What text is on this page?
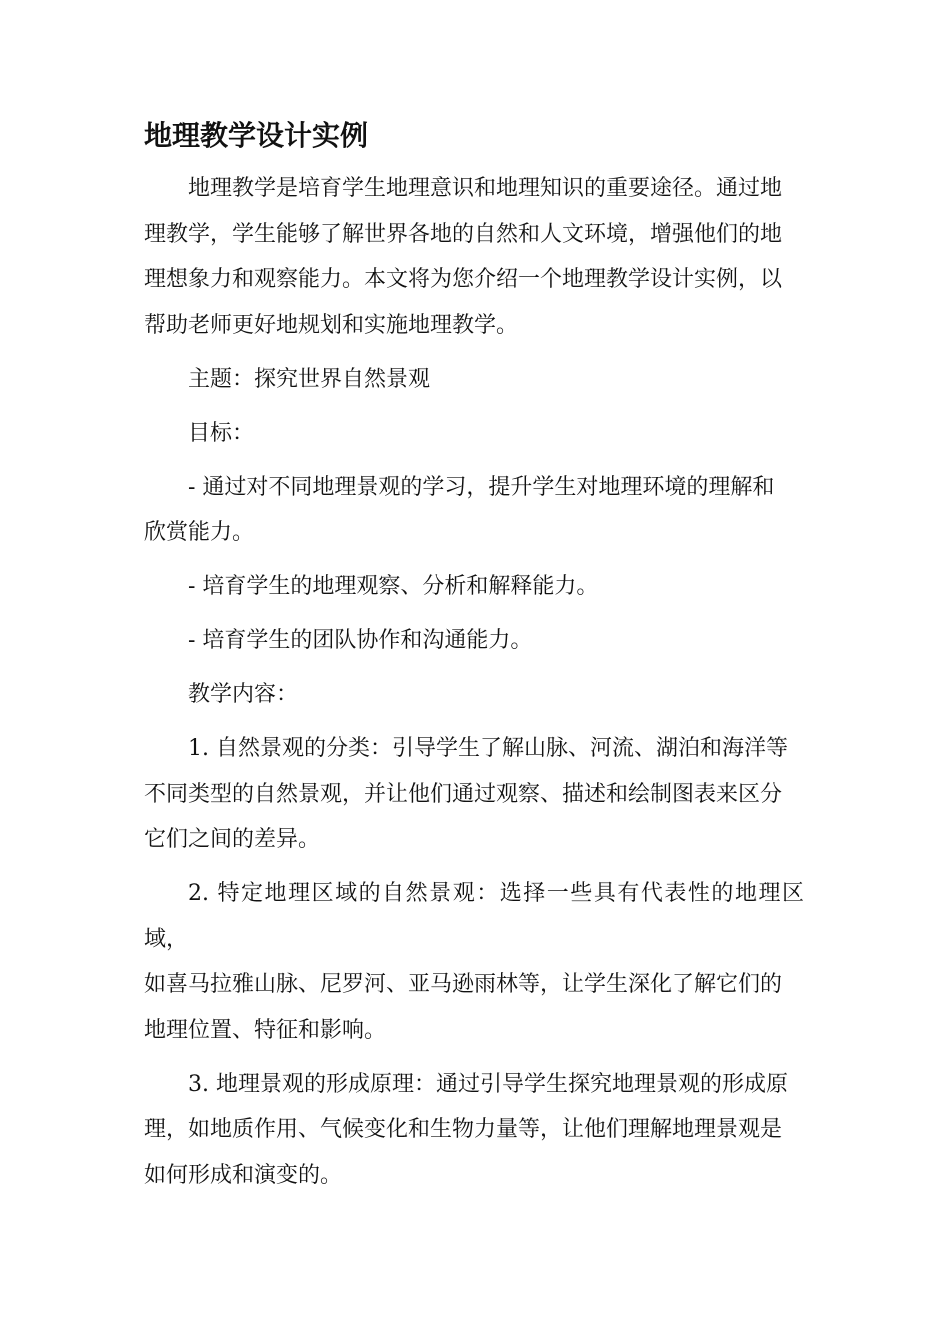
地理教学设计实例
地理教学是培育学生地理意识和地理知识的重要途径。通过地
理教学，学生能够了解世界各地的自然和人文环境，增强他们的地
理想象力和观察能力。本文将为您介绍一个地理教学设计实例，以
帮助老师更好地规划和实施地理教学。
主题：探究世界自然景观
目标：
- 通过对不同地理景观的学习，提升学生对地理环境的理解和
欣赏能力。
- 培育学生的地理观察、分析和解释能力。
- 培育学生的团队协作和沟通能力。
教学内容：
1. 自然景观的分类：引导学生了解山脉、河流、湖泊和海洋等
不同类型的自然景观，并让他们通过观察、描述和绘制图表来区分
它们之间的差异。
2. 特定地理区域的自然景观：选择一些具有代表性的地理区域，
如喜马拉雅山脉、尼罗河、亚马逊雨林等，让学生深化了解它们的
地理位置、特征和影响。
3. 地理景观的形成原理：通过引导学生探究地理景观的形成原
理，如地质作用、气候变化和生物力量等，让他们理解地理景观是
如何形成和演变的。
